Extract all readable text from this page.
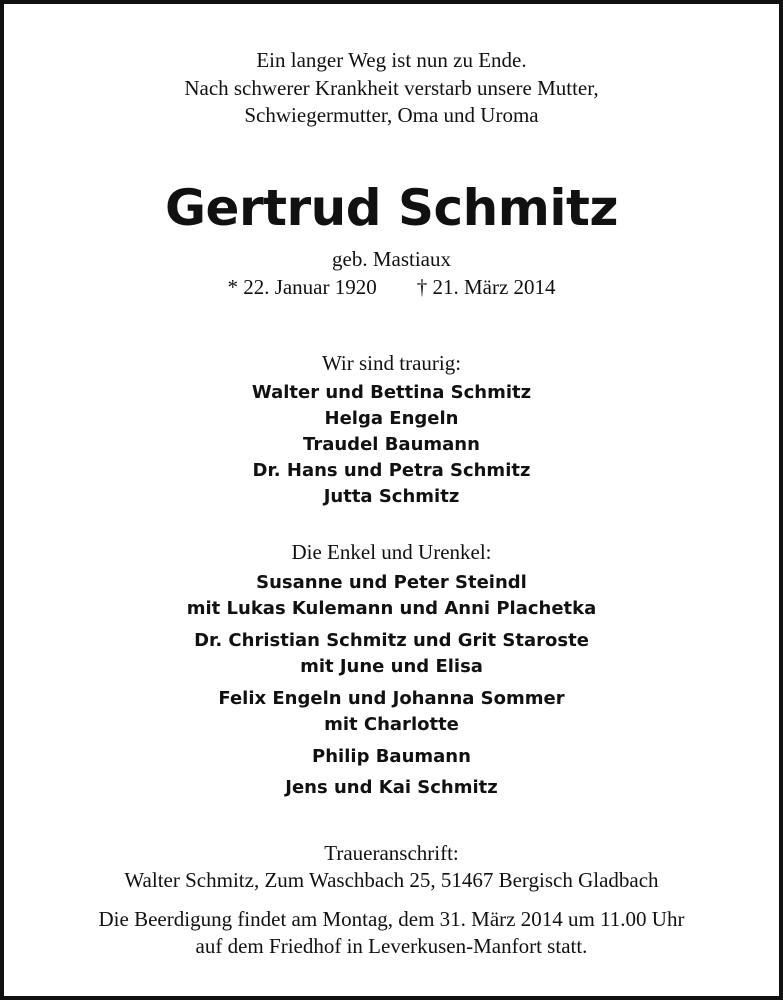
Ein langer Weg ist nun zu Ende.
Nach schwerer Krankheit verstarb unsere Mutter,
Schwiegermutter, Oma und Uroma
Gertrud Schmitz
geb. Mastiaux
* 22. Januar 1920 † 21. März 2014
Wir sind traurig:
Walter und Bettina Schmitz
Helga Engeln
Traudel Baumann
Dr. Hans und Petra Schmitz
Jutta Schmitz
Die Enkel und Urenkel:
Susanne und Peter Steindl
mit Lukas Kulemann und Anni Plachetka
Dr. Christian Schmitz und Grit Staroste
mit June und Elisa
Felix Engeln und Johanna Sommer
mit Charlotte
Philip Baumann
Jens und Kai Schmitz
Traueranschrift:
Walter Schmitz, Zum Waschbach 25, 51467 Bergisch Gladbach
Die Beerdigung findet am Montag, dem 31. März 2014 um 11.00 Uhr
auf dem Friedhof in Leverkusen-Manfort statt.
